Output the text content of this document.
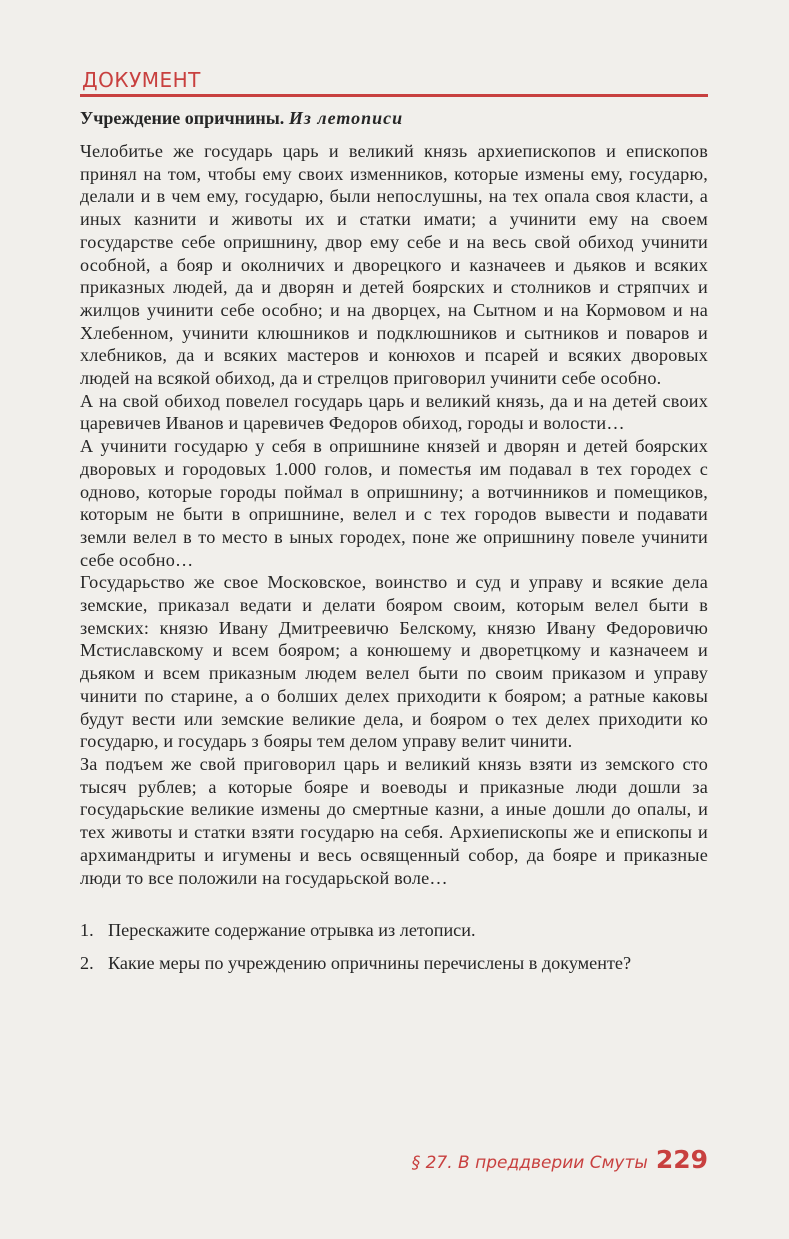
ДОКУМЕНТ
Учреждение опричнины. Из летописи

Челобитье же государь царь и великий князь архиепископов и епископов принял на том, чтобы ему своих изменников, которые измены ему, государю, делали и в чем ему, государю, были непослушны, на тех опала своя класти, а иных казнити и животы их и статки имати; а учинити ему на своем государстве себе опришнину, двор ему себе и на весь свой обиход учинити особной, а бояр и околничих и дворецкого и казначеев и дьяков и всяких приказных людей, да и дворян и детей боярских и столников и стряпчих и жилцов учинити себе особно; и на дворцех, на Сытном и на Кормовом и на Хлебенном, учинити клюшников и подклюшников и сытников и поваров и хлебников, да и всяких мастеров и конюхов и псарей и всяких дворовых людей на всякой обиход, да и стрелцов приговорил учинити себе особно.

А на свой обиход повелел государь царь и великий князь, да и на детей своих царевичев Иванов и царевичев Федоров обиход, городы и волости…

А учинити государю у себя в опришнине князей и дворян и детей боярских дворовых и городовых 1.000 голов, и поместья им подавал в тех городех с одново, которые городы поймал в опришнину; а вотчинников и помещиков, которым не быти в опришнине, велел и с тех городов вывести и подавати земли велел в то место в ыных городех, поне же опришнину повеле учинити себе особно…

Государьство же свое Московское, воинство и суд и управу и всякие дела земские, приказал ведати и делати бояром своим, которым велел быти в земских: князю Ивану Дмитреевичю Белскому, князю Ивану Федоровичю Мстиславскому и всем бояром; а конюшему и дворетцкому и казначеем и дьяком и всем приказным людем велел быти по своим приказом и управу чинити по старине, а о болших делех приходити к бояром; а ратные каковы будут вести или земские великие дела, и бояром о тех делех приходити ко государю, и государь з бояры тем делом управу велит чинити.

За подъем же свой приговорил царь и великий князь взяти из земского сто тысяч рублев; а которые бояре и воеводы и приказные люди дошли за государьские великие измены до смертные казни, а иные дошли до опалы, и тех животы и статки взяти государю на себя. Архиепископы же и епископы и архимандриты и игумены и весь освященный собор, да бояре и приказные люди то все положили на государьской воле…

1. Перескажите содержание отрывка из летописи.
2. Какие меры по учреждению опричнины перечислены в документе?
§ 27. В преддверии Смуты 229
